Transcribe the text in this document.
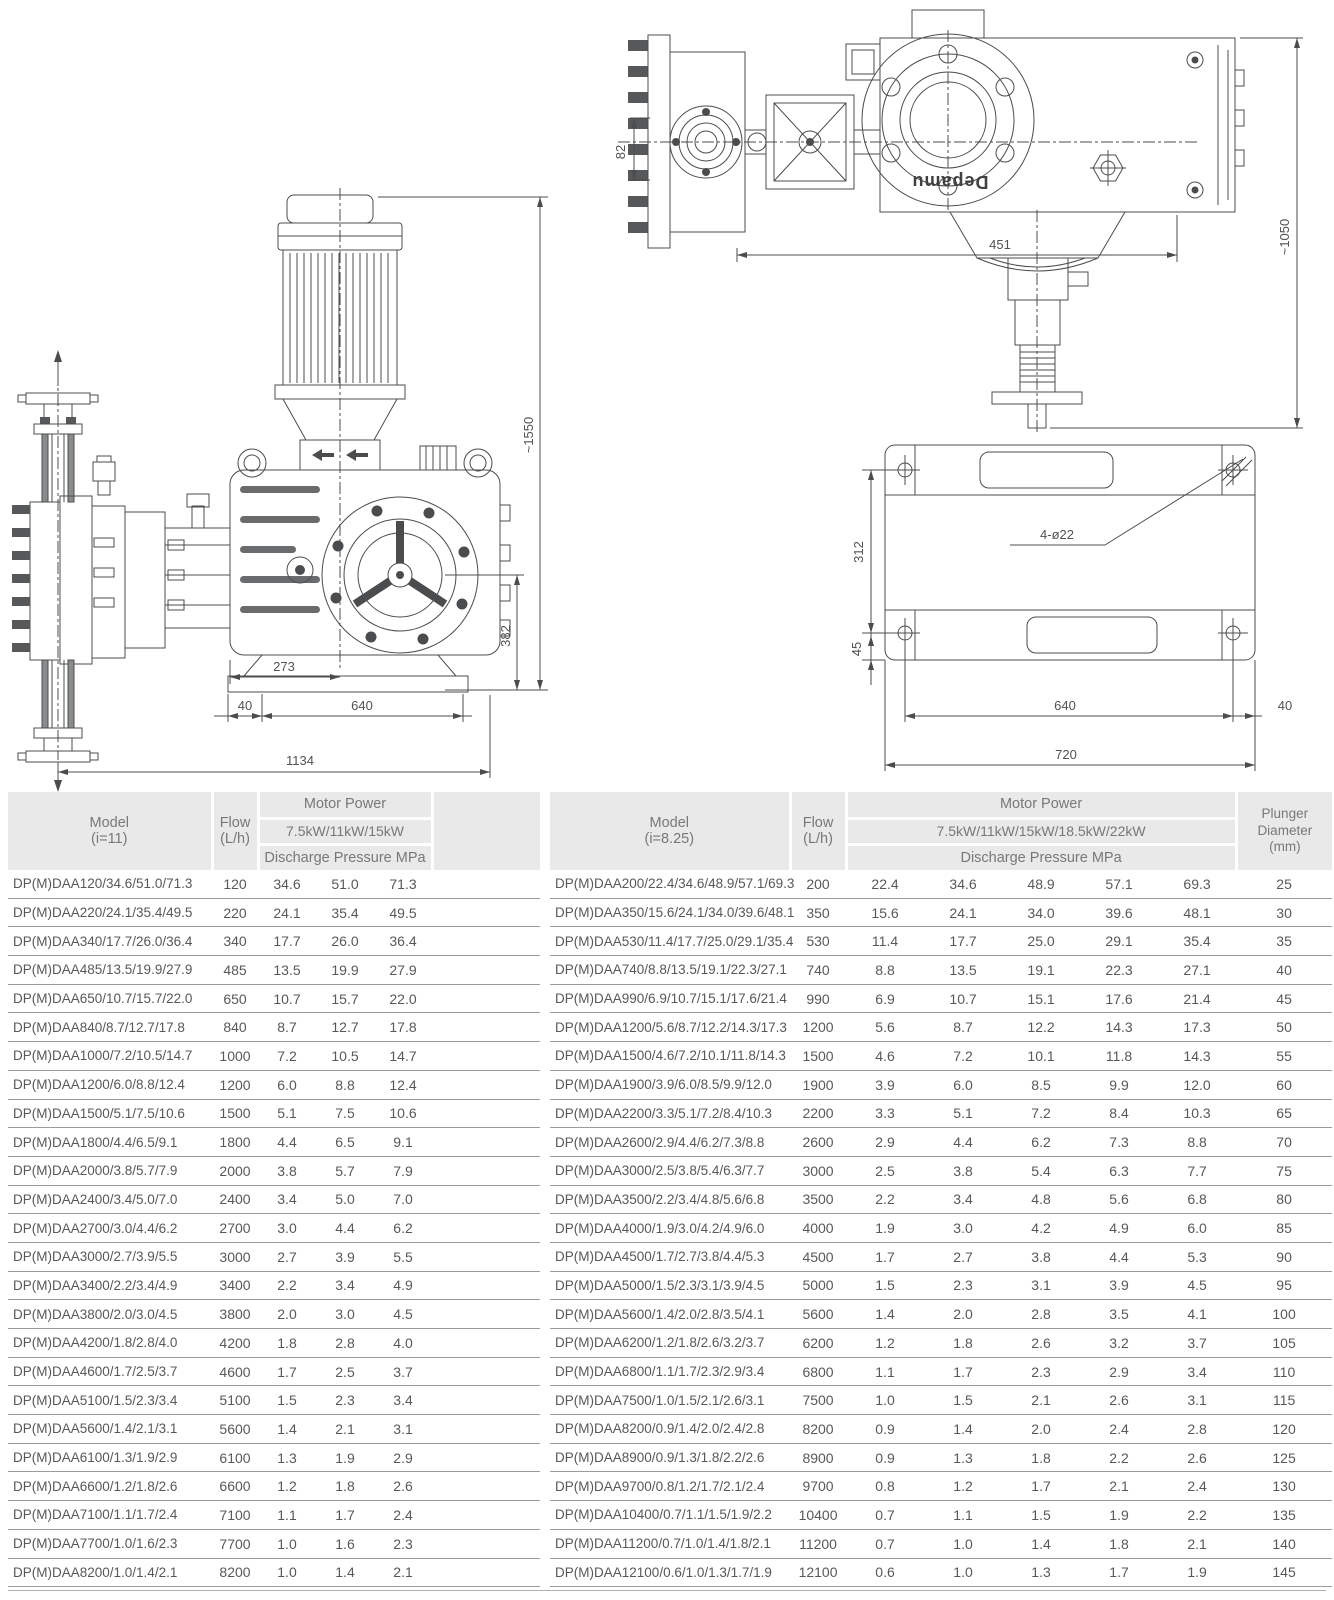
~1550
382
273
40	640
1134
Depamu
451	~1050
82
4-ø22
312
45
640	40
720
Model
(i=11)	Flow
(L/h)	Motor Power			
		7.5kW/11kW/15kW			
		Discharge Pressure MPa			
DP(M)DAA120/34.6/51.0/71.3	120	34.6	51.0	71.3	
DP(M)DAA220/24.1/35.4/49.5	220	24.1	35.4	49.5	
DP(M)DAA340/17.7/26.0/36.4	340	17.7	26.0	36.4	
DP(M)DAA485/13.5/19.9/27.9	485	13.5	19.9	27.9	
DP(M)DAA650/10.7/15.7/22.0	650	10.7	15.7	22.0	
DP(M)DAA840/8.7/12.7/17.8	840	8.7	12.7	17.8	
DP(M)DAA1000/7.2/10.5/14.7	1000	7.2	10.5	14.7	
DP(M)DAA1200/6.0/8.8/12.4	1200	6.0	8.8	12.4	
DP(M)DAA1500/5.1/7.5/10.6	1500	5.1	7.5	10.6	
DP(M)DAA1800/4.4/6.5/9.1	1800	4.4	6.5	9.1	
DP(M)DAA2000/3.8/5.7/7.9	2000	3.8	5.7	7.9	
DP(M)DAA2400/3.4/5.0/7.0	2400	3.4	5.0	7.0	
DP(M)DAA2700/3.0/4.4/6.2	2700	3.0	4.4	6.2	
DP(M)DAA3000/2.7/3.9/5.5	3000	2.7	3.9	5.5	
DP(M)DAA3400/2.2/3.4/4.9	3400	2.2	3.4	4.9	
DP(M)DAA3800/2.0/3.0/4.5	3800	2.0	3.0	4.5	
DP(M)DAA4200/1.8/2.8/4.0	4200	1.8	2.8	4.0	
DP(M)DAA4600/1.7/2.5/3.7	4600	1.7	2.5	3.7	
DP(M)DAA5100/1.5/2.3/3.4	5100	1.5	2.3	3.4	
DP(M)DAA5600/1.4/2.1/3.1	5600	1.4	2.1	3.1	
DP(M)DAA6100/1.3/1.9/2.9	6100	1.3	1.9	2.9	
DP(M)DAA6600/1.2/1.8/2.6	6600	1.2	1.8	2.6	
DP(M)DAA7100/1.1/1.7/2.4	7100	1.1	1.7	2.4	
DP(M)DAA7700/1.0/1.6/2.3	7700	1.0	1.6	2.3	
DP(M)DAA8200/1.0/1.4/2.1	8200	1.0	1.4	2.1	
Model
(i=8.25)	Flow
(L/h)	Motor Power					Plunger
Diameter
(mm)

		7.5kW/11kW/15kW/18.5kW/22kW					
		Discharge Pressure MPa					
DP(M)DAA200/22.4/34.6/48.9/57.1/69.3	200	22.4	34.6	48.9	57.1	69.3	25
DP(M)DAA350/15.6/24.1/34.0/39.6/48.1	350	15.6	24.1	34.0	39.6	48.1	30
DP(M)DAA530/11.4/17.7/25.0/29.1/35.4	530	11.4	17.7	25.0	29.1	35.4	35
DP(M)DAA740/8.8/13.5/19.1/22.3/27.1	740	8.8	13.5	19.1	22.3	27.1	40
DP(M)DAA990/6.9/10.7/15.1/17.6/21.4	990	6.9	10.7	15.1	17.6	21.4	45
DP(M)DAA1200/5.6/8.7/12.2/14.3/17.3	1200	5.6	8.7	12.2	14.3	17.3	50
DP(M)DAA1500/4.6/7.2/10.1/11.8/14.3	1500	4.6	7.2	10.1	11.8	14.3	55
DP(M)DAA1900/3.9/6.0/8.5/9.9/12.0	1900	3.9	6.0	8.5	9.9	12.0	60
DP(M)DAA2200/3.3/5.1/7.2/8.4/10.3	2200	3.3	5.1	7.2	8.4	10.3	65
DP(M)DAA2600/2.9/4.4/6.2/7.3/8.8	2600	2.9	4.4	6.2	7.3	8.8	70
DP(M)DAA3000/2.5/3.8/5.4/6.3/7.7	3000	2.5	3.8	5.4	6.3	7.7	75
DP(M)DAA3500/2.2/3.4/4.8/5.6/6.8	3500	2.2	3.4	4.8	5.6	6.8	80
DP(M)DAA4000/1.9/3.0/4.2/4.9/6.0	4000	1.9	3.0	4.2	4.9	6.0	85
DP(M)DAA4500/1.7/2.7/3.8/4.4/5.3	4500	1.7	2.7	3.8	4.4	5.3	90
DP(M)DAA5000/1.5/2.3/3.1/3.9/4.5	5000	1.5	2.3	3.1	3.9	4.5	95
DP(M)DAA5600/1.4/2.0/2.8/3.5/4.1	5600	1.4	2.0	2.8	3.5	4.1	100
DP(M)DAA6200/1.2/1.8/2.6/3.2/3.7	6200	1.2	1.8	2.6	3.2	3.7	105
DP(M)DAA6800/1.1/1.7/2.3/2.9/3.4	6800	1.1	1.7	2.3	2.9	3.4	110
DP(M)DAA7500/1.0/1.5/2.1/2.6/3.1	7500	1.0	1.5	2.1	2.6	3.1	115
DP(M)DAA8200/0.9/1.4/2.0/2.4/2.8	8200	0.9	1.4	2.0	2.4	2.8	120
DP(M)DAA8900/0.9/1.3/1.8/2.2/2.6	8900	0.9	1.3	1.8	2.2	2.6	125
DP(M)DAA9700/0.8/1.2/1.7/2.1/2.4	9700	0.8	1.2	1.7	2.1	2.4	130
DP(M)DAA10400/0.7/1.1/1.5/1.9/2.2	10400	0.7	1.1	1.5	1.9	2.2	135
DP(M)DAA11200/0.7/1.0/1.4/1.8/2.1	11200	0.7	1.0	1.4	1.8	2.1	140
DP(M)DAA12100/0.6/1.0/1.3/1.7/1.9	12100	0.6	1.0	1.3	1.7	1.9	145
